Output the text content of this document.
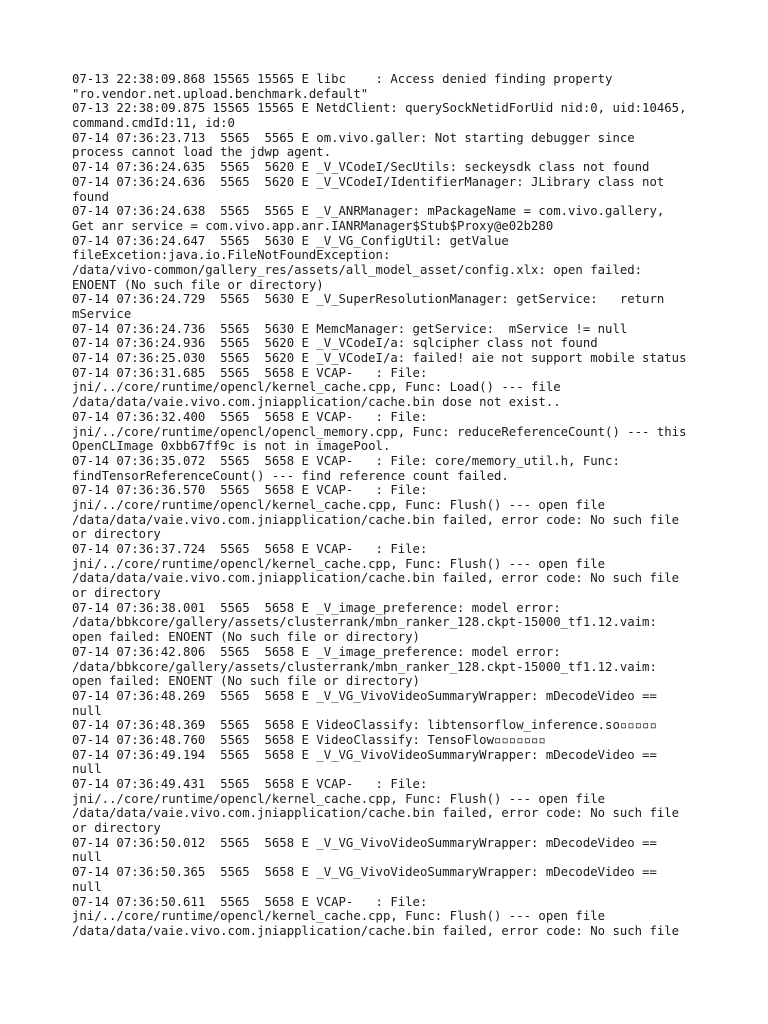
07-13 22:38:09.868 15565 15565 E libc    : Access denied finding property
"ro.vendor.net.upload.benchmark.default"
07-13 22:38:09.875 15565 15565 E NetdClient: querySockNetidForUid nid:0, uid:10465,
command.cmdId:11, id:0
07-14 07:36:23.713  5565  5565 E om.vivo.galler: Not starting debugger since
process cannot load the jdwp agent.
07-14 07:36:24.635  5565  5620 E _V_VCodeI/SecUtils: seckeysdk class not found
07-14 07:36:24.636  5565  5620 E _V_VCodeI/IdentifierManager: JLibrary class not
found
07-14 07:36:24.638  5565  5565 E _V_ANRManager: mPackageName = com.vivo.gallery,
Get anr service = com.vivo.app.anr.IANRManager$Stub$Proxy@e02b280
07-14 07:36:24.647  5565  5630 E _V_VG_ConfigUtil: getValue
fileExcetion:java.io.FileNotFoundException:
/data/vivo-common/gallery_res/assets/all_model_asset/config.xlx: open failed:
ENOENT (No such file or directory)
07-14 07:36:24.729  5565  5630 E _V_SuperResolutionManager: getService:   return
mService
07-14 07:36:24.736  5565  5630 E MemcManager: getService:  mService != null
07-14 07:36:24.936  5565  5620 E _V_VCodeI/a: sqlcipher class not found
07-14 07:36:25.030  5565  5620 E _V_VCodeI/a: failed! aie not support mobile status
07-14 07:36:31.685  5565  5658 E VCAP-   : File:
jni/../core/runtime/opencl/kernel_cache.cpp, Func: Load() --- file
/data/data/vaie.vivo.com.jniapplication/cache.bin dose not exist..
07-14 07:36:32.400  5565  5658 E VCAP-   : File:
jni/../core/runtime/opencl/opencl_memory.cpp, Func: reduceReferenceCount() --- this
OpenCLImage 0xbb67ff9c is not in imagePool.
07-14 07:36:35.072  5565  5658 E VCAP-   : File: core/memory_util.h, Func:
findTensorReferenceCount() --- find reference count failed.
07-14 07:36:36.570  5565  5658 E VCAP-   : File:
jni/../core/runtime/opencl/kernel_cache.cpp, Func: Flush() --- open file
/data/data/vaie.vivo.com.jniapplication/cache.bin failed, error code: No such file
or directory
07-14 07:36:37.724  5565  5658 E VCAP-   : File:
jni/../core/runtime/opencl/kernel_cache.cpp, Func: Flush() --- open file
/data/data/vaie.vivo.com.jniapplication/cache.bin failed, error code: No such file
or directory
07-14 07:36:38.001  5565  5658 E _V_image_preference: model error:
/data/bbkcore/gallery/assets/clusterrank/mbn_ranker_128.ckpt-15000_tf1.12.vaim:
open failed: ENOENT (No such file or directory)
07-14 07:36:42.806  5565  5658 E _V_image_preference: model error:
/data/bbkcore/gallery/assets/clusterrank/mbn_ranker_128.ckpt-15000_tf1.12.vaim:
open failed: ENOENT (No such file or directory)
07-14 07:36:48.269  5565  5658 E _V_VG_VivoVideoSummaryWrapper: mDecodeVideo ==
null
07-14 07:36:48.369  5565  5658 E VideoClassify: libtensorflow_inference.so▫▫▫▫▫
07-14 07:36:48.760  5565  5658 E VideoClassify: TensoFlow▫▫▫▫▫▫▫
07-14 07:36:49.194  5565  5658 E _V_VG_VivoVideoSummaryWrapper: mDecodeVideo ==
null
07-14 07:36:49.431  5565  5658 E VCAP-   : File:
jni/../core/runtime/opencl/kernel_cache.cpp, Func: Flush() --- open file
/data/data/vaie.vivo.com.jniapplication/cache.bin failed, error code: No such file
or directory
07-14 07:36:50.012  5565  5658 E _V_VG_VivoVideoSummaryWrapper: mDecodeVideo ==
null
07-14 07:36:50.365  5565  5658 E _V_VG_VivoVideoSummaryWrapper: mDecodeVideo ==
null
07-14 07:36:50.611  5565  5658 E VCAP-   : File:
jni/../core/runtime/opencl/kernel_cache.cpp, Func: Flush() --- open file
/data/data/vaie.vivo.com.jniapplication/cache.bin failed, error code: No such file
